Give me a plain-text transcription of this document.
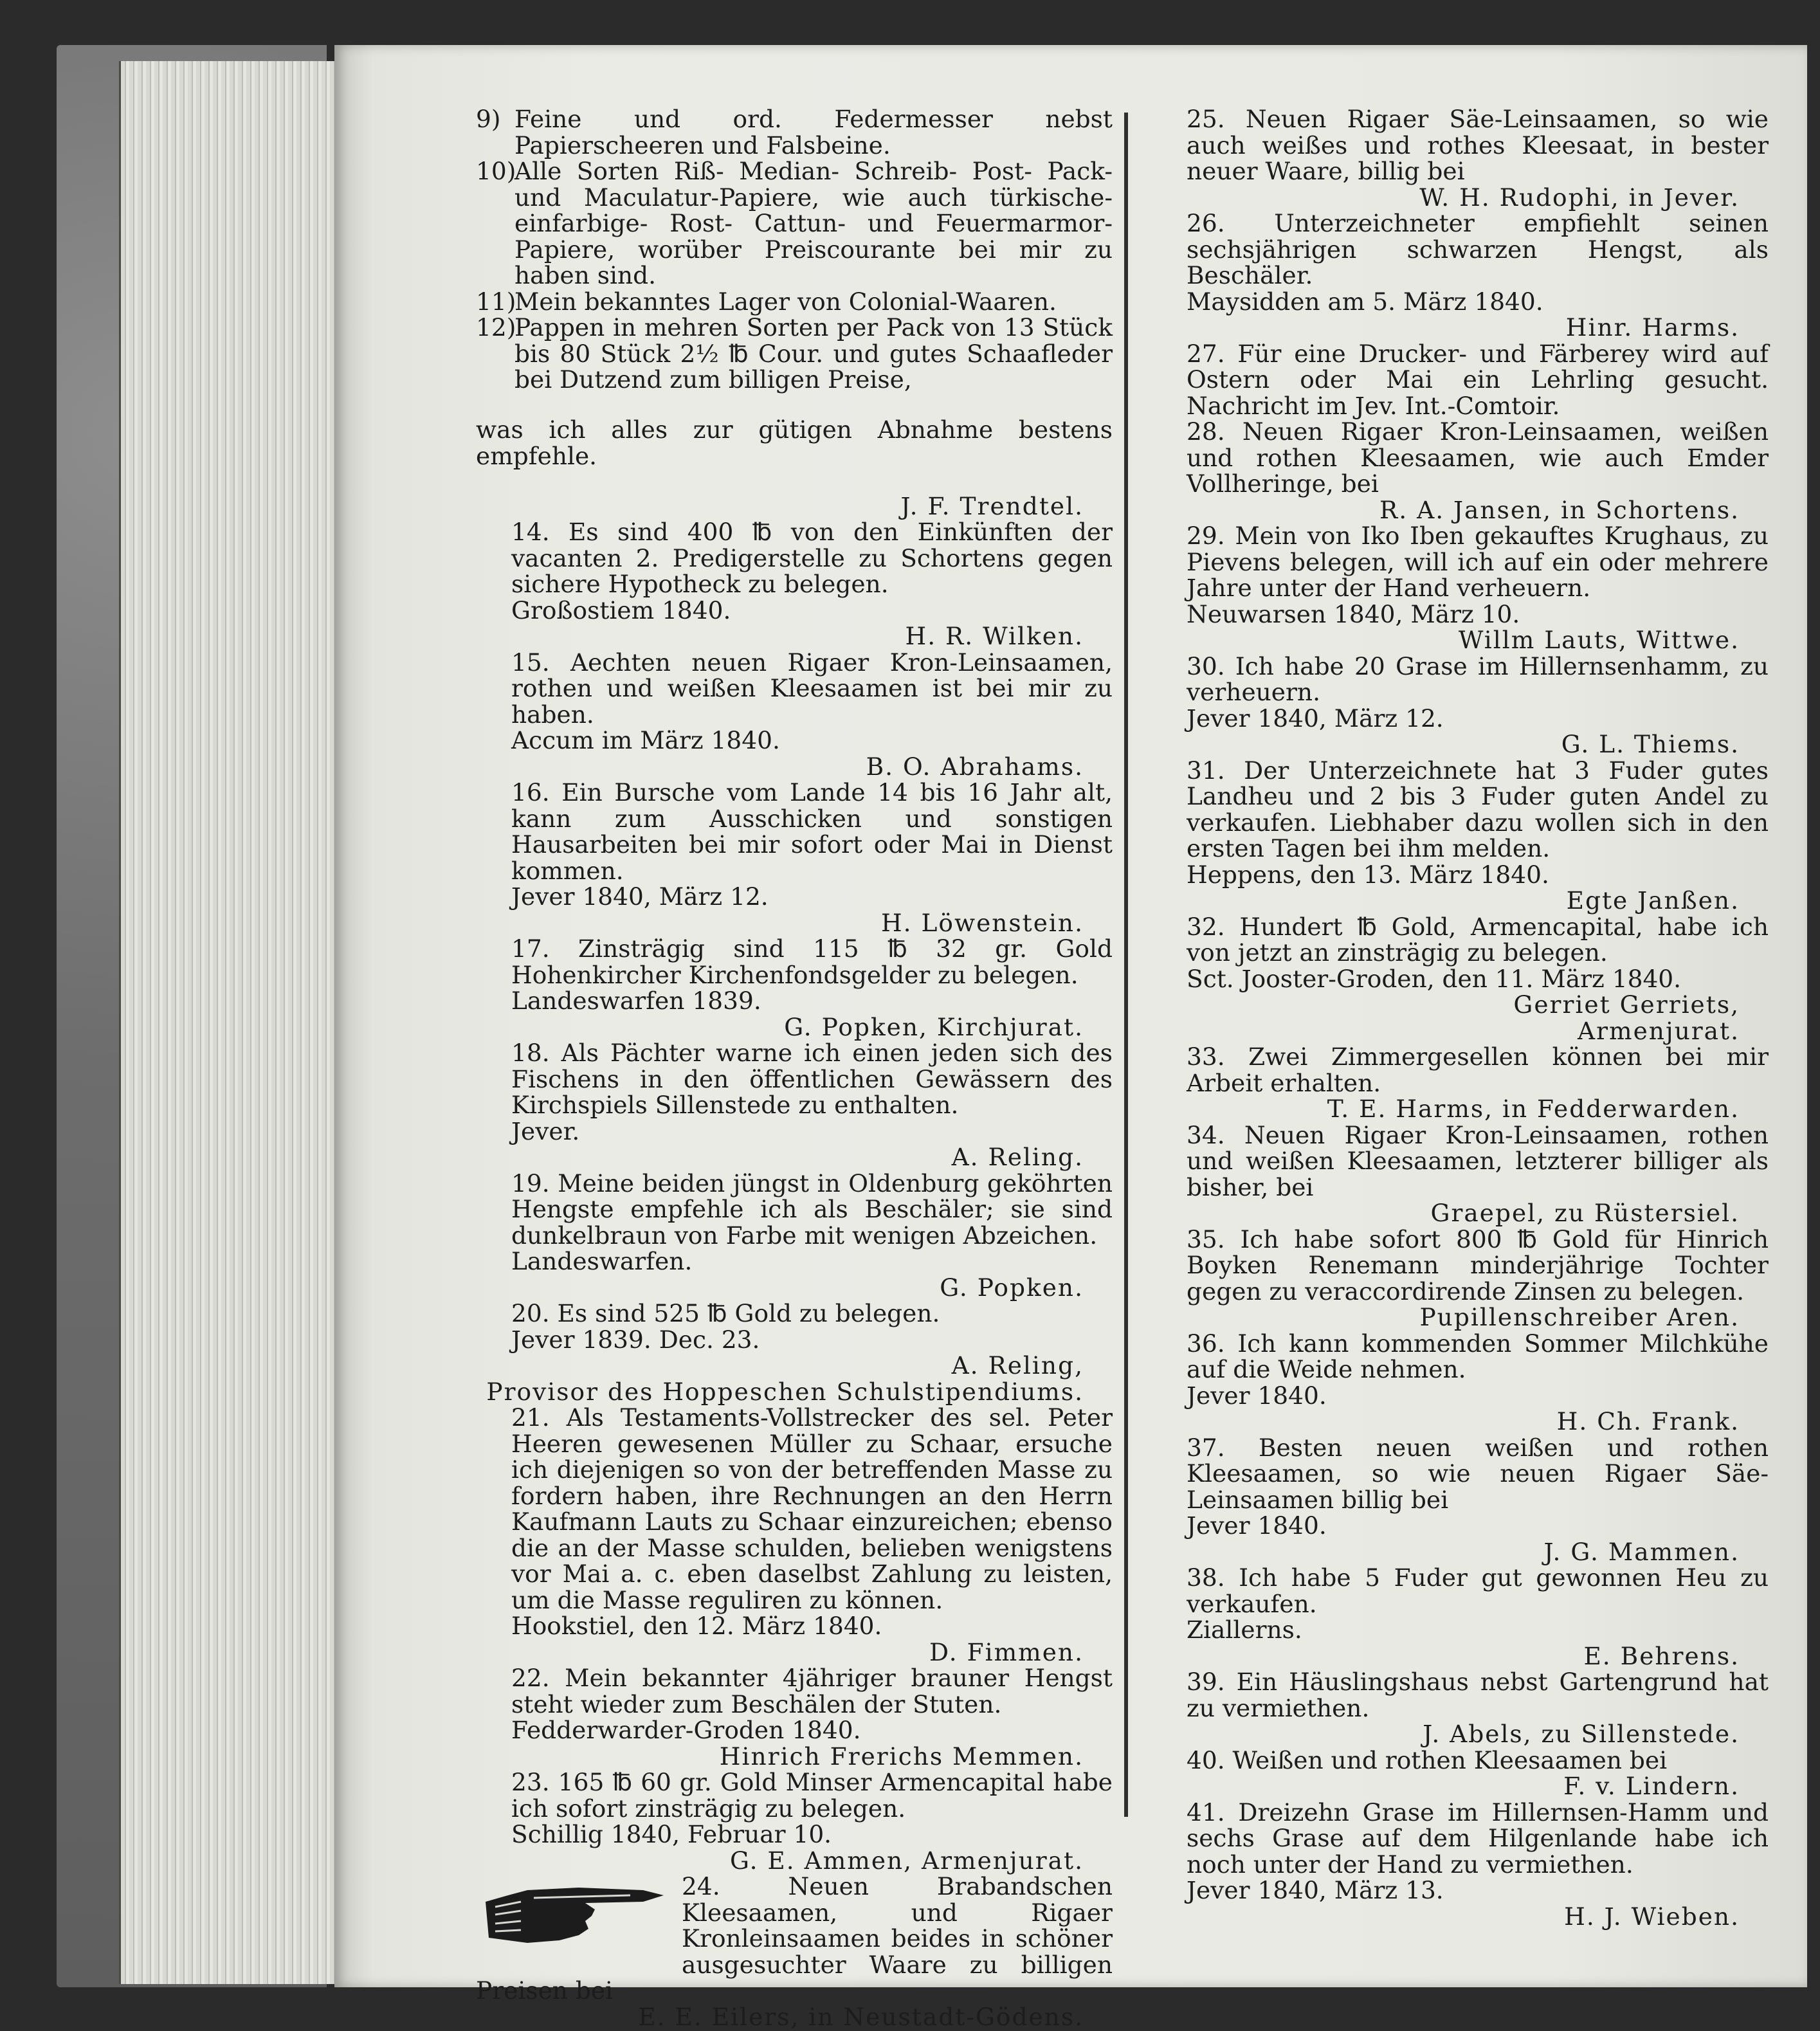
9) Feine und ord. Federmesser nebst Papierscheeren und Falsbeine.
10)
Alle Sorten Riß- Median- Schreib- Post- Pack- und Maculatur-Papiere, wie auch türkische- einfarbige- Rost- Cattun- und Feuermarmor-Papiere, worüber Preiscourante bei mir zu haben sind.
11)
Mein bekanntes Lager von Colonial-Waaren.
12)
Pappen in mehren Sorten per Pack von 13 Stück bis 80 Stück 2½ ℔ Cour. und gutes Schaafleder bei Dutzend zum billigen Preise,

was ich alles zur gütigen Abnahme bestens empfehle.

J. F. Trendtel.

14. Es sind 400 ℔ von den Einkünften der vacanten 2. Predigerstelle zu Schortens gegen sichere Hypotheck zu belegen.

Großostiem 1840.
H. R. Wilken.

15. Aechten neuen Rigaer Kron-Leinsaamen, rothen und weißen Kleesaamen ist bei mir zu haben.

Accum im März 1840.
B. O. Abrahams.

16. Ein Bursche vom Lande 14 bis 16 Jahr alt, kann zum Ausschicken und sonstigen Hausarbeiten bei mir sofort oder Mai in Dienst kommen.

Jever 1840, März 12.
H. Löwenstein.

17. Zinsträgig sind 115 ℔ 32 gr. Gold Hohenkircher Kirchenfondsgelder zu belegen.

Landeswarfen 1839.
G. Popken, Kirchjurat.

18. Als Pächter warne ich einen jeden sich des Fischens in den öffentlichen Gewässern des Kirchspiels Sillenstede zu enthalten.

Jever.
A. Reling.

19. Meine beiden jüngst in Oldenburg geköhrten Hengste empfehle ich als Beschäler; sie sind dunkelbraun von Farbe mit wenigen Abzeichen.

Landeswarfen.
G. Popken.

20. Es sind 525 ℔ Gold zu belegen.

Jever 1839. Dec. 23.
A. Reling,
Provisor des Hoppeschen Schulstipendiums.

21. Als Testaments-Vollstrecker des sel. Peter Heeren gewesenen Müller zu Schaar, ersuche ich diejenigen so von der betreffenden Masse zu fordern haben, ihre Rechnungen an den Herrn Kaufmann Lauts zu Schaar einzureichen; ebenso die an der Masse schulden, belieben wenigstens vor Mai a. c. eben daselbst Zahlung zu leisten, um die Masse reguliren zu können.

Hookstiel, den 12. März 1840.
D. Fimmen.

22. Mein bekannter 4jähriger brauner Hengst steht wieder zum Beschälen der Stuten.

Fedderwarder-Groden 1840.
Hinrich Frerichs Memmen.

23. 165 ℔ 60 gr. Gold Minser Armencapital habe ich sofort zinsträgig zu belegen.

Schillig 1840, Februar 10.
G. E. Ammen, Armenjurat.

24. Neuen Brabandschen Kleesaamen, und Rigaer Kronleinsaamen beides in schöner ausgesuchter Waare zu billigen Preisen bei

E. E. Eilers, in Neustadt-Gödens.

25. Neuen Rigaer Säe-Leinsaamen, so wie auch weißes und rothes Kleesaat, in bester neuer Waare, billig bei

W. H. Rudophi, in Jever.

26. Unterzeichneter empfiehlt seinen sechsjährigen schwarzen Hengst, als Beschäler.

Maysidden am 5. März 1840.
Hinr. Harms.

27. Für eine Drucker- und Färberey wird auf Ostern oder Mai ein Lehrling gesucht. Nachricht im Jev. Int.-Comtoir.

28. Neuen Rigaer Kron-Leinsaamen, weißen und rothen Kleesaamen, wie auch Emder Vollheringe, bei

R. A. Jansen, in Schortens.

29. Mein von Iko Iben gekauftes Krughaus, zu Pievens belegen, will ich auf ein oder mehrere Jahre unter der Hand verheuern.

Neuwarsen 1840, März 10.
Willm Lauts, Wittwe.

30. Ich habe 20 Grase im Hillernsenhamm, zu verheuern.

Jever 1840, März 12.
G. L. Thiems.

31. Der Unterzeichnete hat 3 Fuder gutes Landheu und 2 bis 3 Fuder guten Andel zu verkaufen. Liebhaber dazu wollen sich in den ersten Tagen bei ihm melden.

Heppens, den 13. März 1840.
Egte Janßen.

32. Hundert ℔ Gold, Armencapital, habe ich von jetzt an zinsträgig zu belegen.

Sct. Jooster-Groden, den 11. März 1840.
Gerriet Gerriets,
Armenjurat.

33. Zwei Zimmergesellen können bei mir Arbeit erhalten.

T. E. Harms, in Fedderwarden.

34. Neuen Rigaer Kron-Leinsaamen, rothen und weißen Kleesaamen, letzterer billiger als bisher, bei

Graepel, zu Rüstersiel.

35. Ich habe sofort 800 ℔ Gold für Hinrich Boyken Renemann minderjährige Tochter gegen zu veraccordirende Zinsen zu belegen.

Pupillenschreiber Aren.

36. Ich kann kommenden Sommer Milchkühe auf die Weide nehmen.

Jever 1840.
H. Ch. Frank.

37. Besten neuen weißen und rothen Kleesaamen, so wie neuen Rigaer Säe-Leinsaamen billig bei

Jever 1840.
J. G. Mammen.

38. Ich habe 5 Fuder gut gewonnen Heu zu verkaufen.

Ziallerns.
E. Behrens.

39. Ein Häuslingshaus nebst Gartengrund hat zu vermiethen.

J. Abels, zu Sillenstede.

40. Weißen und rothen Kleesaamen bei

F. v. Lindern.

41. Dreizehn Grase im Hillernsen-Hamm und sechs Grase auf dem Hilgenlande habe ich noch unter der Hand zu vermiethen.

Jever 1840, März 13.
H. J. Wieben.
